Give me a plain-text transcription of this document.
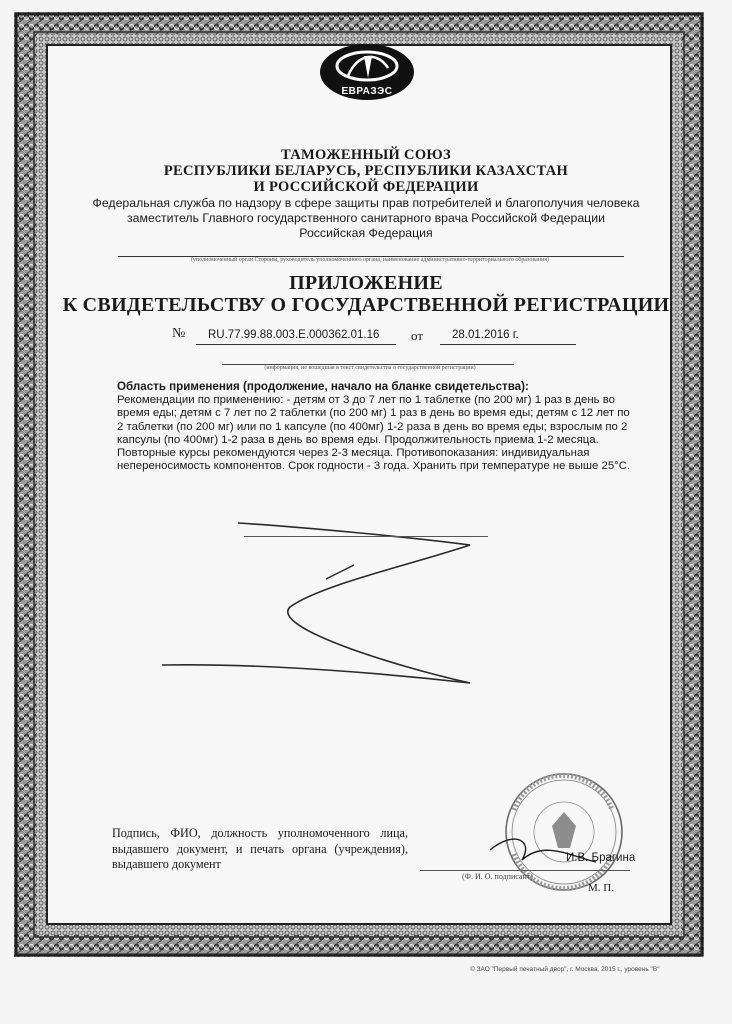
ЕВРАЗЭС
ТАМОЖЕННЫЙ СОЮЗ
РЕСПУБЛИКИ БЕЛАРУСЬ, РЕСПУБЛИКИ КАЗАХСТАН
И РОССИЙСКОЙ ФЕДЕРАЦИИ
Федеральная служба по надзору в сфере защиты прав потребителей и благополучия человека
заместитель Главного государственного санитарного врача Российской Федерации
Российская Федерация
(уполномоченный орган Стороны, руководитель уполномоченного органа, наименование административно-территориального образования)
ПРИЛОЖЕНИЕ
К СВИДЕТЕЛЬСТВУ О ГОСУДАРСТВЕННОЙ РЕГИСТРАЦИИ
№ RU.77.99.88.003.E.000362.01.16 от	28.01.2016 г.
(информация, не вошедшая в текст свидетельства о государственной регистрации)
Область применения (продолжение, начало на бланке свидетельства):

Рекомендации по применению: - детям от 3 до 7 лет по 1 таблетке (по 200 мг) 1 раз в день во время еды; детям с 7 лет по 2 таблетки (по 200 мг) 1 раз в день во время еды; детям с 12 лет по 2 таблетки (по 200 мг) или по 1 капсуле (по 400мг) 1-2 раза в день во время еды; взрослым по 2 капсулы (по 400мг) 1-2 раза в день во время еды. Продолжительность приема 1-2 месяца. Повторные курсы рекомендуются через 2-3 месяца. Противопоказания: индивидуальная непереносимость компонентов. Срок годности - 3 года. Хранить при температуре не выше 25°С.

Подпись, ФИО, должность уполномоченного лица, выдавшего документ, и печать органа (учреждения), выдавшего документ	И.В. Брагина
(Ф. И. О. подписант)
М. П.
© ЗАО "Первый печатный двор", г. Москва, 2015 г., уровень "В"
